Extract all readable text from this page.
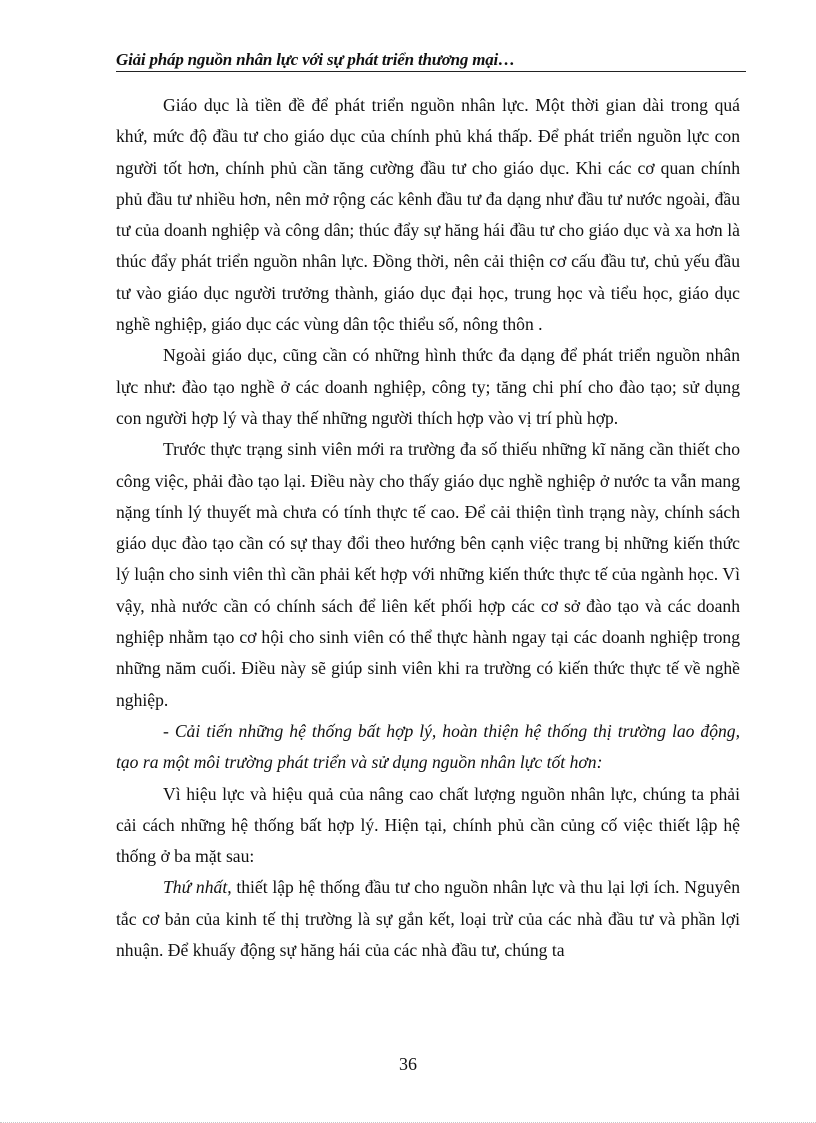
Giải pháp nguồn nhân lực với sự phát triển thương mại…

Giáo dục là tiền đề để phát triển nguồn nhân lực. Một thời gian dài trong quá khứ, mức độ đầu tư cho giáo dục của chính phủ khá thấp. Để phát triển nguồn lực con người tốt hơn, chính phủ cần tăng cường đầu tư cho giáo dục. Khi các cơ quan chính phủ đầu tư nhiều hơn, nên mở rộng các kênh đầu tư đa dạng như đầu tư nước ngoài, đầu tư của doanh nghiệp và công dân; thúc đẩy sự hăng hái đầu tư cho giáo dục và xa hơn là thúc đẩy phát triển nguồn nhân lực. Đồng thời, nên cải thiện cơ cấu đầu tư, chủ yếu đầu tư vào giáo dục người trưởng thành, giáo dục đại học, trung học và tiểu học, giáo dục nghề nghiệp, giáo dục các vùng dân tộc thiểu số, nông thôn .

Ngoài giáo dục, cũng cần có những hình thức đa dạng để phát triển nguồn nhân lực như: đào tạo nghề ở các doanh nghiệp, công ty; tăng chi phí cho đào tạo; sử dụng con người hợp lý và thay thế những người thích hợp vào vị trí phù hợp.

Trước thực trạng sinh viên mới ra trường đa số thiếu những kĩ năng cần thiết cho công việc, phải đào tạo lại. Điều này cho thấy giáo dục nghề nghiệp ở nước ta vẫn mang nặng tính lý thuyết mà chưa có tính thực tế cao. Để cải thiện tình trạng này, chính sách giáo dục đào tạo cần có sự thay đổi theo hướng bên cạnh việc trang bị những kiến thức lý luận cho sinh viên thì cần phải kết hợp với những kiến thức thực tế của ngành học. Vì vậy, nhà nước cần có chính sách để liên kết phối hợp các cơ sở đào tạo và các doanh nghiệp nhằm tạo cơ hội cho sinh viên có thể thực hành ngay tại các doanh nghiệp trong những năm cuối. Điều này sẽ giúp sinh viên khi ra trường có kiến thức thực tế về nghề nghiệp.

- Cải tiến những hệ thống bất hợp lý, hoàn thiện hệ thống thị trường lao động, tạo ra một môi trường phát triển và sử dụng nguồn nhân lực tốt hơn:

Vì hiệu lực và hiệu quả của nâng cao chất lượng nguồn nhân lực, chúng ta phải cải cách những hệ thống bất hợp lý. Hiện tại, chính phủ cần củng cố việc thiết lập hệ thống ở ba mặt sau:

Thứ nhất, thiết lập hệ thống đầu tư cho nguồn nhân lực và thu lại lợi ích. Nguyên tắc cơ bản của kinh tế thị trường là sự gắn kết, loại trừ của các nhà đầu tư và phần lợi nhuận. Để khuấy động sự hăng hái của các nhà đầu tư, chúng ta

36
